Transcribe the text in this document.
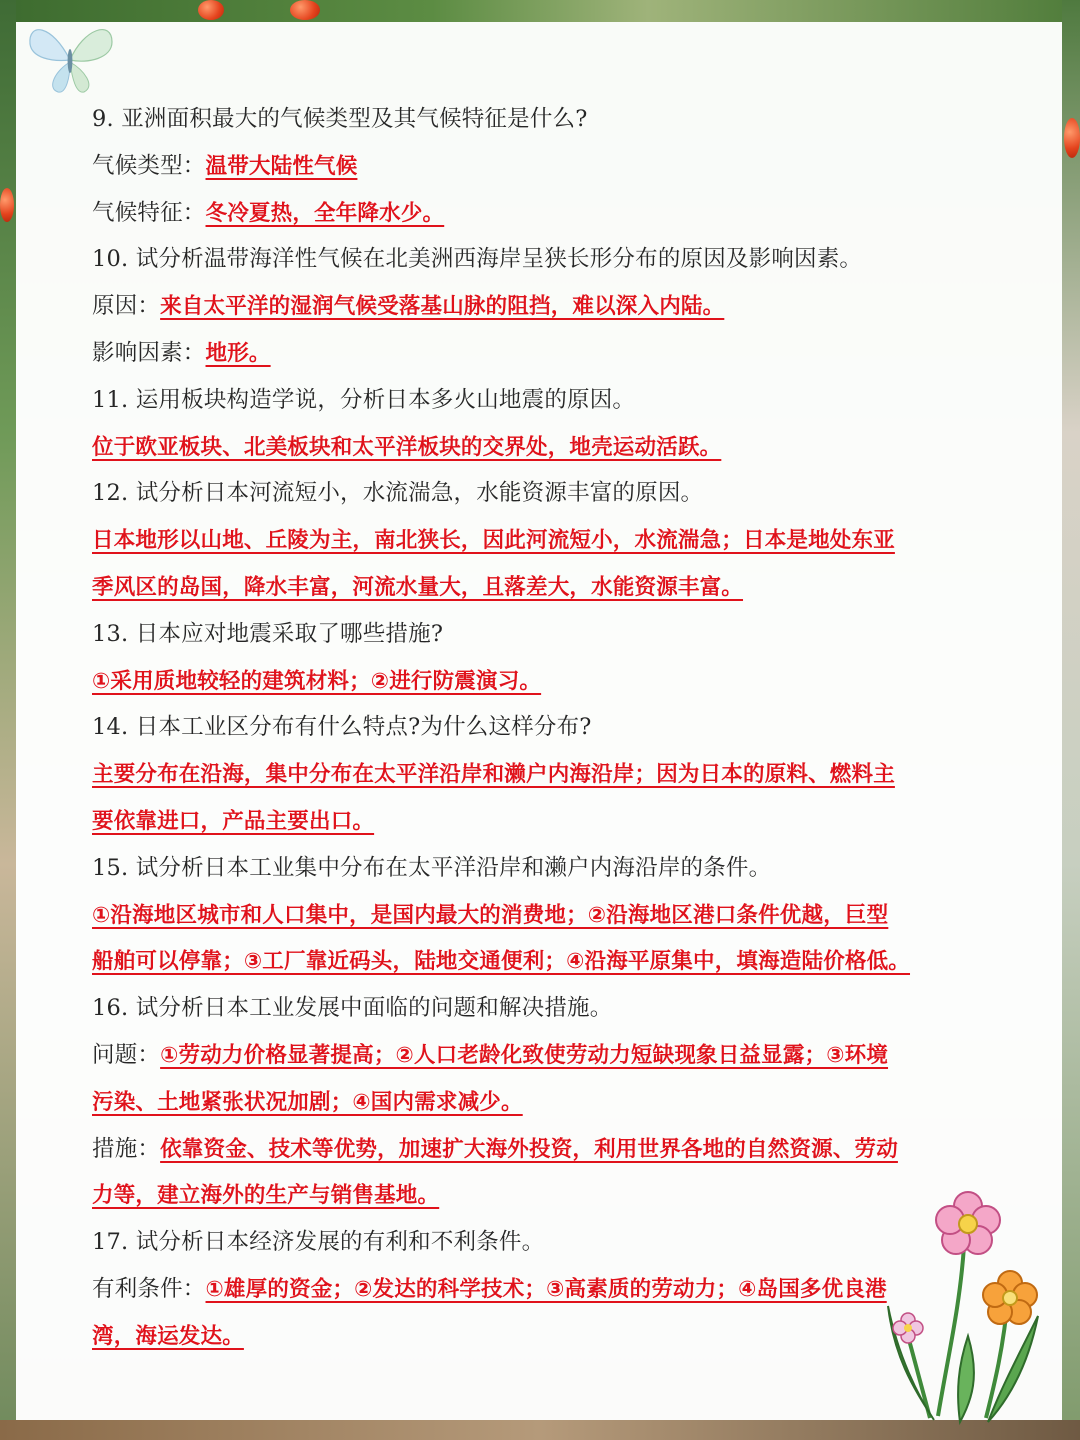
9. 亚洲面积最大的气候类型及其气候特征是什么?
气候类型：温带大陆性气候
气候特征：冬冷夏热，全年降水少。
10. 试分析温带海洋性气候在北美洲西海岸呈狭长形分布的原因及影响因素。
原因：来自太平洋的湿润气候受落基山脉的阻挡，难以深入内陆。
影响因素：地形。
11. 运用板块构造学说，分析日本多火山地震的原因。
位于欧亚板块、北美板块和太平洋板块的交界处，地壳运动活跃。
12. 试分析日本河流短小，水流湍急，水能资源丰富的原因。
日本地形以山地、丘陵为主，南北狭长，因此河流短小，水流湍急；日本是地处东亚
季风区的岛国，降水丰富，河流水量大，且落差大，水能资源丰富。
13. 日本应对地震采取了哪些措施?
①采用质地较轻的建筑材料；②进行防震演习。
14. 日本工业区分布有什么特点?为什么这样分布?
主要分布在沿海，集中分布在太平洋沿岸和濑户内海沿岸；因为日本的原料、燃料主
要依靠进口，产品主要出口。
15. 试分析日本工业集中分布在太平洋沿岸和濑户内海沿岸的条件。
①沿海地区城市和人口集中，是国内最大的消费地；②沿海地区港口条件优越，巨型
船舶可以停靠；③工厂靠近码头，陆地交通便利；④沿海平原集中，填海造陆价格低。
16. 试分析日本工业发展中面临的问题和解决措施。
问题：①劳动力价格显著提高；②人口老龄化致使劳动力短缺现象日益显露；③环境
污染、土地紧张状况加剧；④国内需求减少。
措施：依靠资金、技术等优势，加速扩大海外投资，利用世界各地的自然资源、劳动
力等，建立海外的生产与销售基地。
17. 试分析日本经济发展的有利和不利条件。
有利条件：①雄厚的资金；②发达的科学技术；③高素质的劳动力；④岛国多优良港
湾，海运发达。
